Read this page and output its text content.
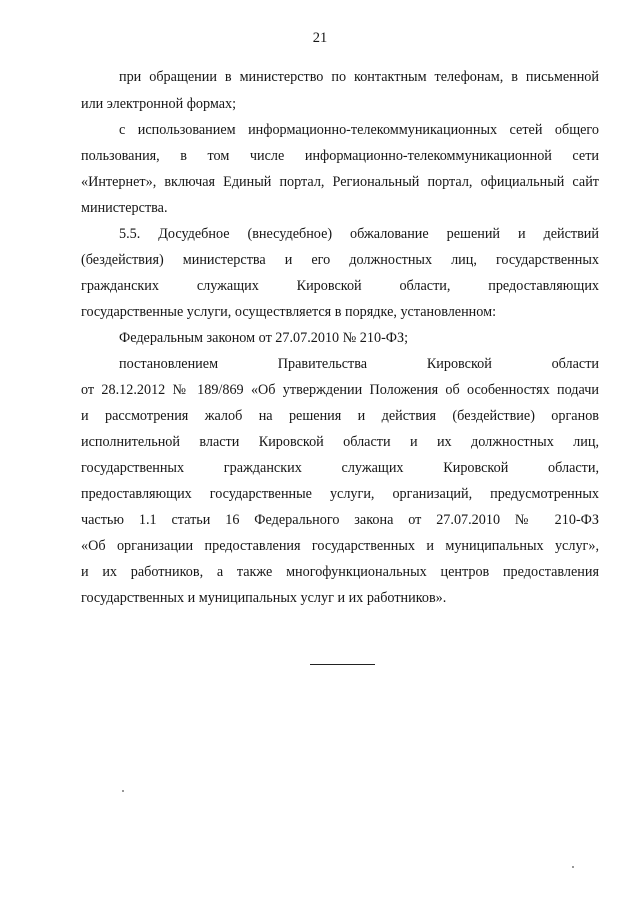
21
при обращении в министерство по контактным телефонам, в письменной
или электронной формах;
с использованием информационно-телекоммуникационных сетей общего
пользования, в том числе информационно-телекоммуникационной сети
«Интернет», включая Единый портал, Региональный портал, официальный сайт
министерства.
5.5. Досудебное (внесудебное) обжалование решений и действий
(бездействия) министерства и его должностных лиц, государственных
гражданских служащих Кировской области, предоставляющих
государственные услуги, осуществляется в порядке, установленном:
Федеральным законом от 27.07.2010 № 210-ФЗ;
постановлением Правительства Кировской области
от 28.12.2012 № 189/869 «Об утверждении Положения об особенностях подачи
и рассмотрения жалоб на решения и действия (бездействие) органов
исполнительной власти Кировской области и их должностных лиц,
государственных гражданских служащих Кировской области,
предоставляющих государственные услуги, организаций, предусмотренных
частью 1.1 статьи 16 Федерального закона от 27.07.2010 № 210-ФЗ
«Об организации предоставления государственных и муниципальных услуг»,
и их работников, а также многофункциональных центров предоставления
государственных и муниципальных услуг и их работников».
